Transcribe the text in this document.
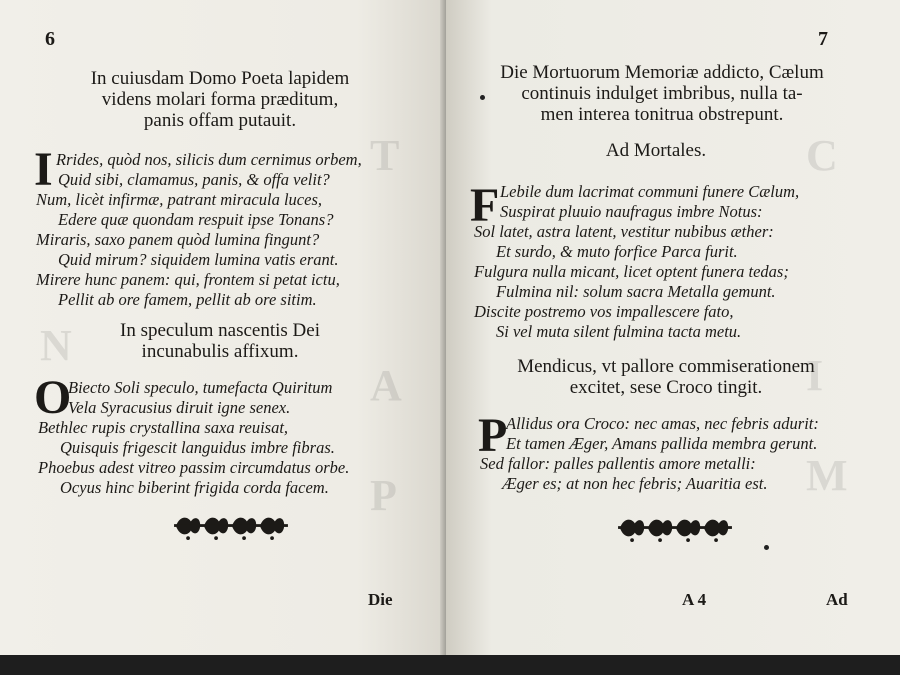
T
N
A
P
6
In cuiusdam Domo Poeta lapidem
videns molari forma præditum,
panis offam putauit.
I Rrides, quòd nos, silicis dum cernimus orbem,
Quid sibi, clamamus, panis, & offa velit?
Num, licèt infirmæ, patrant miracula luces,
Edere quæ quondam respuit ipse Tonans?
Miraris, saxo panem quòd lumina fingunt?
Quid mirum? siquidem lumina vatis erant.
Mirere hunc panem: qui, frontem si petat ictu,
Pellit ab ore famem, pellit ab ore sitim.
In speculum nascentis Dei
incunabulis affixum.
O
Biecto Soli speculo, tumefacta Quiritum
Vela Syracusius diruit igne senex.
Bethlec rupis crystallina saxa reuisat,
Quisquis frigescit languidus imbre fibras.
Phoebus adest vitreo passim circumdatus orbe.
Ocyus hinc biberint frigida corda facem.
Die
C
I
M
7
Die Mortuorum Memoriæ addicto, Cælum
continuis indulget imbribus, nulla ta-
men interea tonitrua obstrepunt.
Ad Mortales.
F Lebile dum lacrimat communi funere Cælum,
Suspirat pluuio naufragus imbre Notus:
Sol latet, astra latent, vestitur nubibus æther:
Et surdo, & muto forfice Parca furit.
Fulgura nulla micant, licet optent funera tedas;
Fulmina nil: solum sacra Metalla gemunt.
Discite postremo vos impallescere fato,
Si vel muta silent fulmina tacta metu.
Mendicus, vt pallore commiserationem
excitet, sese Croco tingit.
P
Allidus ora Croco: nec amas, nec febris adurit:
Et tamen Æger, Amans pallida membra gerunt.
Sed fallor: palles pallentis amore metalli:
Æger es; at non hec febris; Auaritia est.
A 4	Ad
